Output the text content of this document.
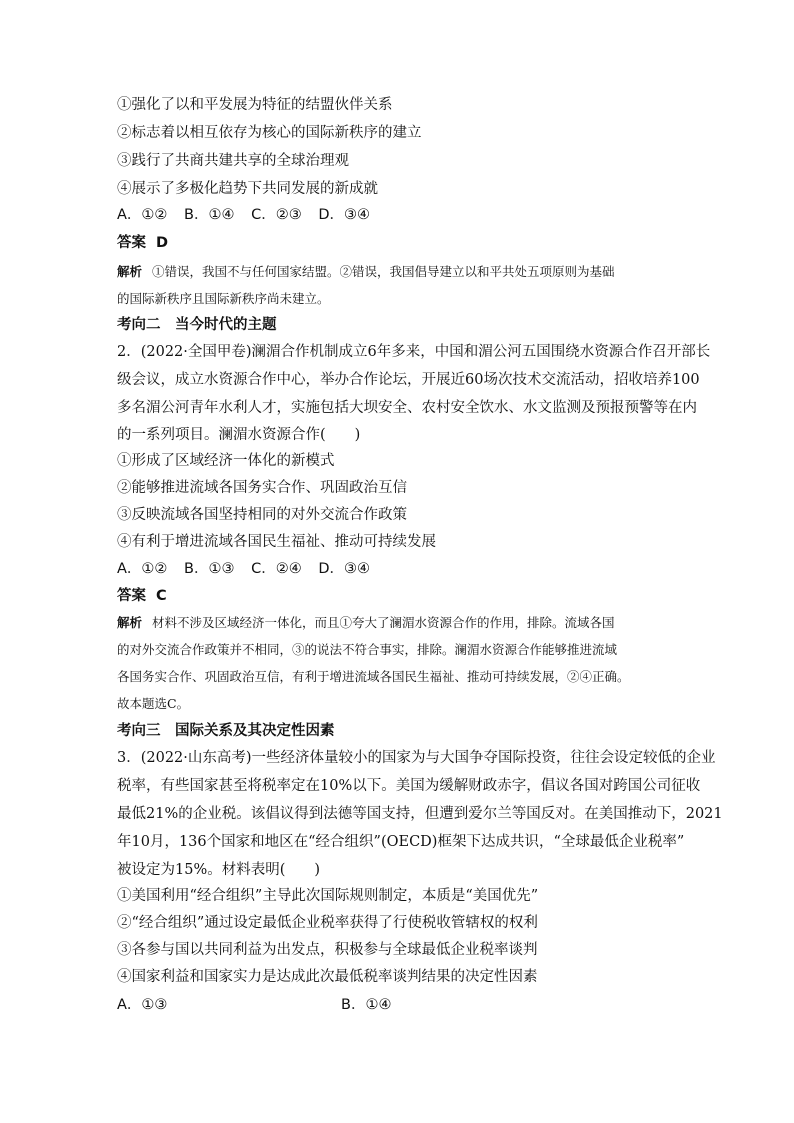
①强化了以和平发展为特征的结盟伙伴关系
②标志着以相互依存为核心的国际新秩序的建立
③践行了共商共建共享的全球治理观
④展示了多极化趋势下共同发展的新成就
A．①② B．①④ C．②③ D．③④
答案 D
解析 ①错误，我国不与任何国家结盟。②错误，我国倡导建立以和平共处五项原则为基础
的国际新秩序且国际新秩序尚未建立。
考向二　当今时代的主题
2．(2022·全国甲卷)澜湄合作机制成立6年多来，中国和湄公河五国围绕水资源合作召开部长
级会议，成立水资源合作中心，举办合作论坛，开展近60场次技术交流活动，招收培养100
多名湄公河青年水利人才，实施包括大坝安全、农村安全饮水、水文监测及预报预警等在内
的一系列项目。澜湄水资源合作(　　)
①形成了区域经济一体化的新模式
②能够推进流域各国务实合作、巩固政治互信
③反映流域各国坚持相同的对外交流合作政策
④有利于增进流域各国民生福祉、推动可持续发展
A．①② B．①③ C．②④ D．③④
答案 C
解析 材料不涉及区域经济一体化，而且①夸大了澜湄水资源合作的作用，排除。流域各国
的对外交流合作政策并不相同，③的说法不符合事实，排除。澜湄水资源合作能够推进流域
各国务实合作、巩固政治互信，有利于增进流域各国民生福祉、推动可持续发展，②④正确。
故本题选C。
考向三　国际关系及其决定性因素
3．(2022·山东高考)一些经济体量较小的国家为与大国争夺国际投资，往往会设定较低的企业
税率，有些国家甚至将税率定在10%以下。美国为缓解财政赤字，倡议各国对跨国公司征收
最低21%的企业税。该倡议得到法德等国支持，但遭到爱尔兰等国反对。在美国推动下，2021
年10月，136个国家和地区在“经合组织”(OECD)框架下达成共识，“全球最低企业税率”
被设定为15%。材料表明(　　)
①美国利用“经合组织”主导此次国际规则制定，本质是“美国优先”
②“经合组织”通过设定最低企业税率获得了行使税收管辖权的权利
③各参与国以共同利益为出发点，积极参与全球最低企业税率谈判
④国家利益和国家实力是达成此次最低税率谈判结果的决定性因素
A．①③	B．①④
